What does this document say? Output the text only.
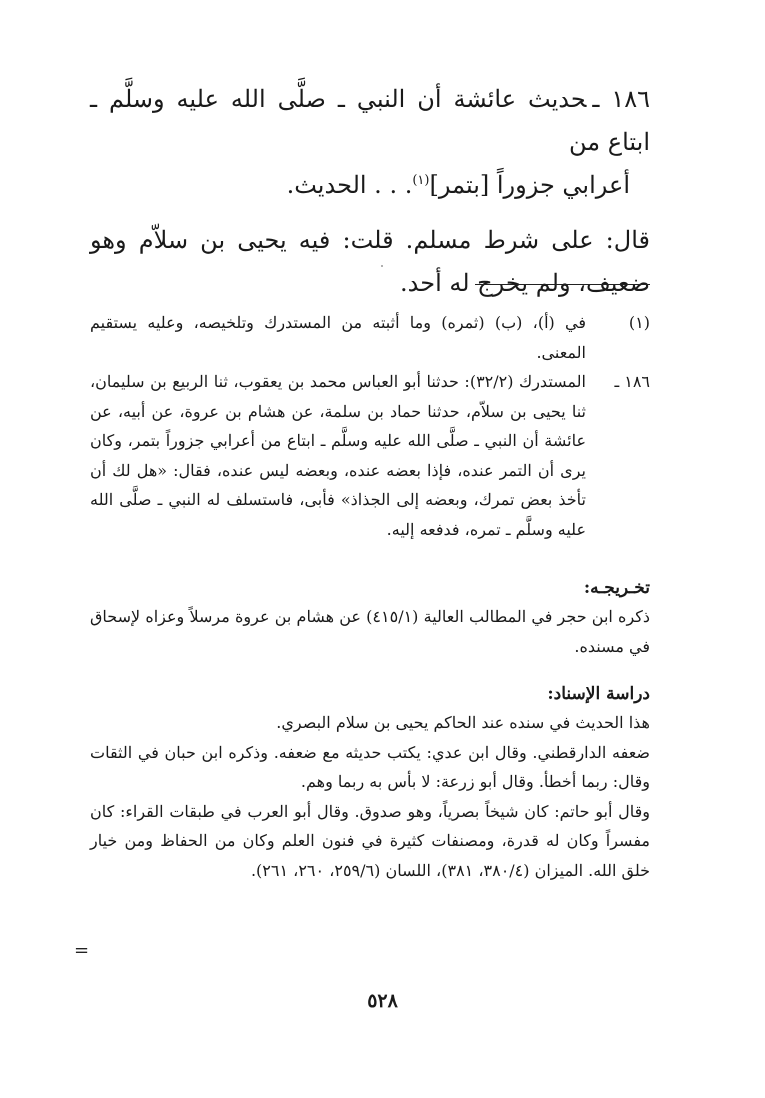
١٨٦ ـحديث عائشة أن النبي ـ صلَّى الله عليه وسلَّم ـ ابتاع من
أعرابي جزوراً [بتمر]$^{(١)}$. . . الحديث.

قال: على شرط مسلم. قلت: فيه يحيى بن سلاّم وهو ضعيف، ولم يخرج له أحد.

(١)
في (أ)، (ب) (ثمره) وما أثبته من المستدرك وتلخيصه، وعليه يستقيم المعنى.
١٨٦ ـ
المستدرك (٣٢/٢): حدثنا أبو العباس محمد بن يعقوب، ثنا الربيع بن سليمان، ثنا يحيى بن سلاّم، حدثنا حماد بن سلمة، عن هشام بن عروة، عن أبيه، عن عائشة أن النبي ـ صلَّى الله عليه وسلَّم ـ ابتاع من أعرابي جزوراً بتمر، وكان يرى أن التمر عنده، فإذا بعضه عنده، وبعضه ليس عنده، فقال: «هل لك أن تأخذ بعض تمرك، وبعضه إلى الجذاذ» فأبى، فاستسلف له النبي ـ صلَّى الله عليه وسلَّم ـ تمره، فدفعه إليه.
تخـريجـه:

ذكره ابن حجر في المطالب العالية (٤١٥/١) عن هشام بن عروة مرسلاً وعزاه لإسحاق في مسنده.

دراسة الإسناد:

هذا الحديث في سنده عند الحاكم يحيى بن سلام البصري.

ضعفه الدارقطني. وقال ابن عدي: يكتب حديثه مع ضعفه. وذكره ابن حبان في الثقات وقال: ربما أخطأ. وقال أبو زرعة: لا بأس به ربما وهم.

وقال أبو حاتم: كان شيخاً بصرياً، وهو صدوق. وقال أبو العرب في طبقات القراء: كان مفسراً وكان له قدرة، ومصنفات كثيرة في فنون العلم وكان من الحفاظ ومن خيار خلق الله. الميزان (٣٨٠/٤، ٣٨١)، اللسان (٢٥٩/٦، ٢٦٠، ٢٦١).

=
٥٢٨
